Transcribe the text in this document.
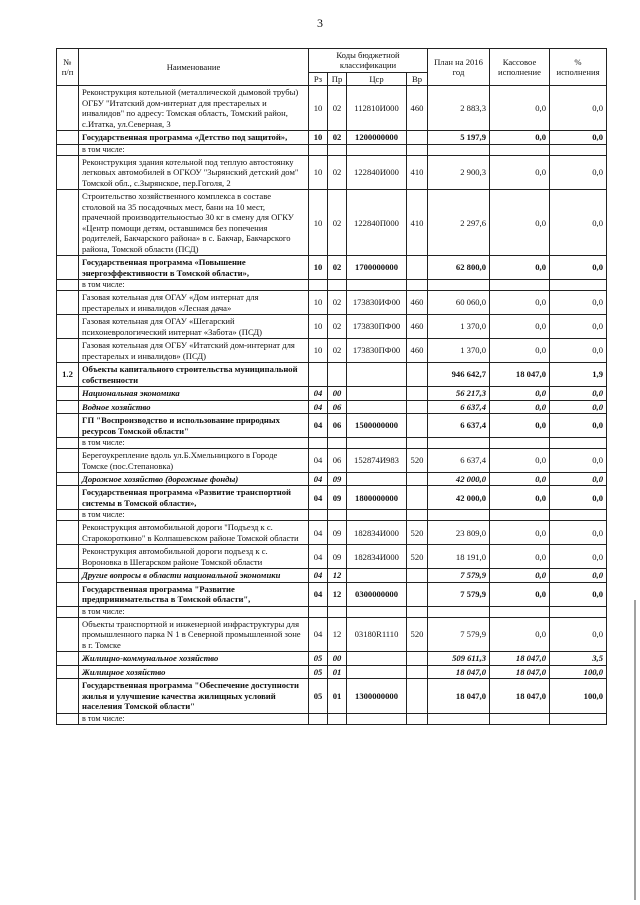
3
№ п/п	Наименование	Коды бюджетной классификации				План на 2016 год	Кассовое исполнение	% исполнения
		Рз	Пр	Цср	Вр			
	Реконструкция котельной (металлической дымовой трубы) ОГБУ "Итатский дом-интернат для престарелых и инвалидов" по адресу: Томская область, Томский район, с.Итатка, ул.Северная, 3	10	02	112810И000	460	2 883,3	0,0	0,0
	Государственная программа «Детство под защитой»,	10	02	1200000000		5 197,9	0,0	0,0
	в том числе:							
	Реконструкция здания котельной под теплую автостоянку легковых автомобилей в ОГКОУ "Зырянский детский дом" Томской обл., с.Зырянское, пер.Гоголя, 2	10	02	122840И000	410	2 900,3	0,0	0,0
	Строительство хозяйственного комплекса в составе столовой на 35 посадочных мест, бани на 10 мест, прачечной производительностью 30 кг в смену для ОГКУ «Центр помощи детям, оставшимся без попечения родителей, Бакчарского района» в с. Бакчар, Бакчарского района, Томской области (ПСД)	10	02	122840П000	410	2 297,6	0,0	0,0
	Государственная программа «Повышение энергоэффективности в Томской области»,	10	02	1700000000		62 800,0	0,0	0,0
	в том числе:							
	Газовая котельная для ОГАУ «Дом интернат для престарелых и инвалидов «Лесная дача»	10	02	173830ИФ00	460	60 060,0	0,0	0,0
	Газовая котельная для ОГАУ «Шегарский психоневрологический интернат «Забота» (ПСД)	10	02	173830ПФ00	460	1 370,0	0,0	0,0
	Газовая котельная для ОГБУ «Итатский дом-интернат для престарелых и инвалидов» (ПСД)	10	02	173830ПФ00	460	1 370,0	0,0	0,0
1.2	Объекты капитального строительства муниципальной собственности					946 642,7	18 047,0	1,9
	Национальная экономика	04	00			56 217,3	0,0	0,0
	Водное хозяйство	04	06			6 637,4	0,0	0,0
	ГП "Воспроизводство и использование природных ресурсов Томской области"	04	06	1500000000		6 637,4	0,0	0,0
	в том числе:							
	Берегоукрепление вдоль ул.Б.Хмельницкого в Городе Томске (пос.Степановка)	04	06	152874И983	520	6 637,4	0,0	0,0
	Дорожное хозяйство (дорожные фонды)	04	09			42 000,0	0,0	0,0
	Государственная программа «Развитие транспортной системы в Томской области»,	04	09	1800000000		42 000,0	0,0	0,0
	в том числе:							
	Реконструкция автомобильной дороги "Подъезд к с. Старокороткино" в Колпашевском районе Томской области	04	09	182834И000	520	23 809,0	0,0	0,0
	Реконструкция автомобильной дороги подъезд к с. Вороновка в Шегарском районе Томской области	04	09	182834И000	520	18 191,0	0,0	0,0
	Другие вопросы в области национальной экономики	04	12			7 579,9	0,0	0,0
	Государственная программа "Развитие предпринимательства в Томской области",	04	12	0300000000		7 579,9	0,0	0,0
	в том числе:							
	Объекты транспортной и инженерной инфраструктуры для промышленного парка N 1 в Северной промышленной зоне в г. Томске	04	12	03180R1110	520	7 579,9	0,0	0,0
	Жилищно-коммунальное хозяйство	05	00			509 611,3	18 047,0	3,5
	Жилищное хозяйство	05	01			18 047,0	18 047,0	100,0
	Государственная программа "Обеспечение доступности жилья и улучшение качества жилищных условий населения Томской области"	05	01	1300000000		18 047,0	18 047,0	100,0
	в том числе:							
